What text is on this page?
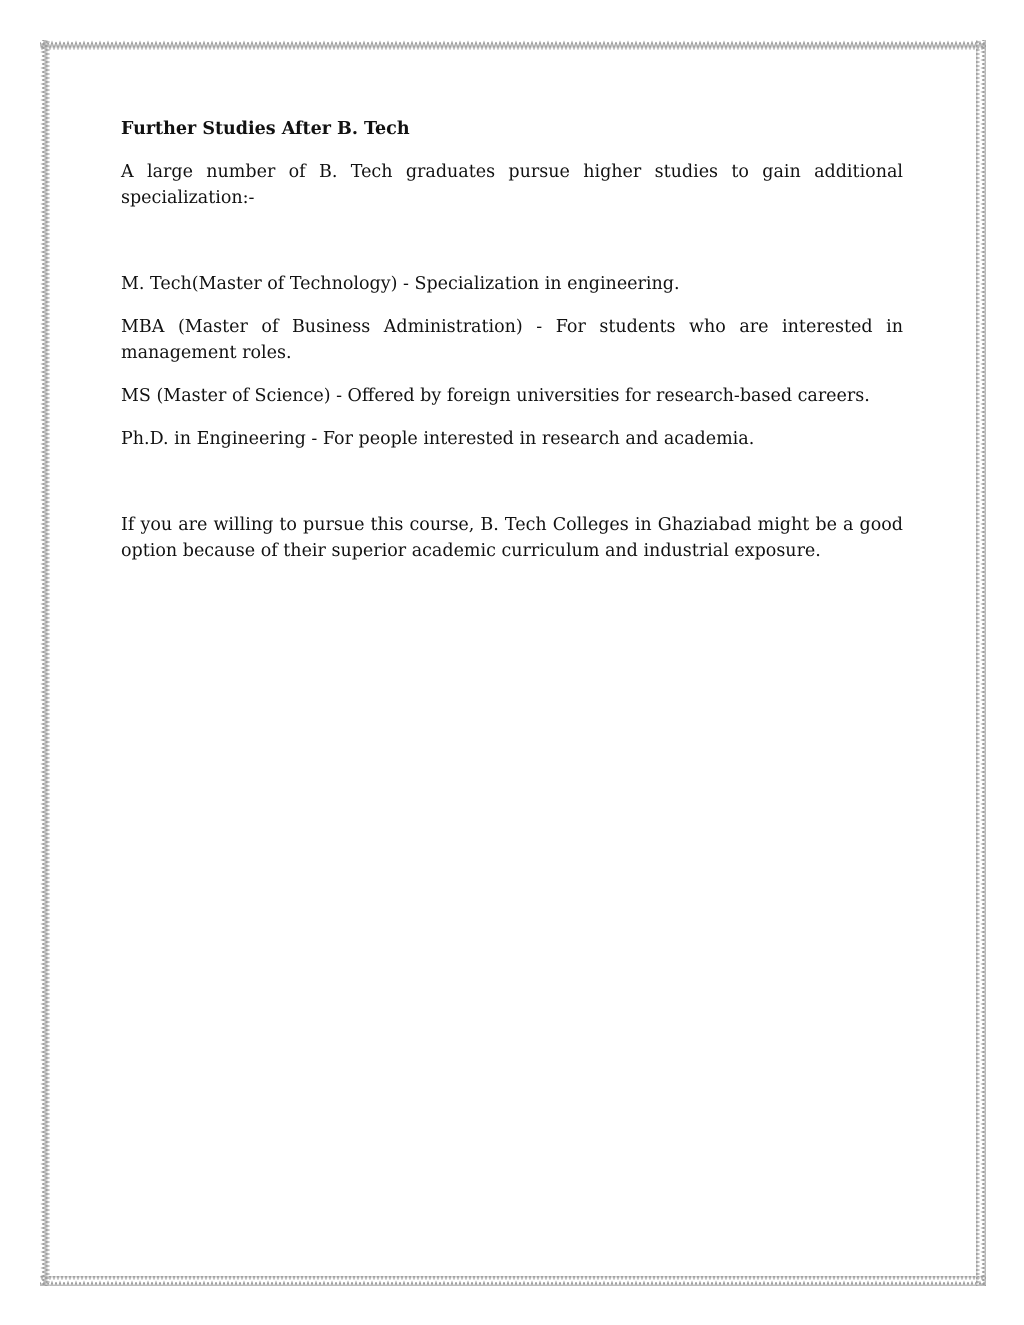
Further Studies After B. Tech

A large number of B. Tech graduates pursue higher studies to gain additional specialization:-

M. Tech(Master of Technology) - Specialization in engineering.

MBA (Master of Business Administration) - For students who are interested in management roles.

MS (Master of Science) - Offered by foreign universities for research-based careers.

Ph.D. in Engineering - For people interested in research and academia.

If you are willing to pursue this course, B. Tech Colleges in Ghaziabad might be a good option because of their superior academic curriculum and industrial exposure.
